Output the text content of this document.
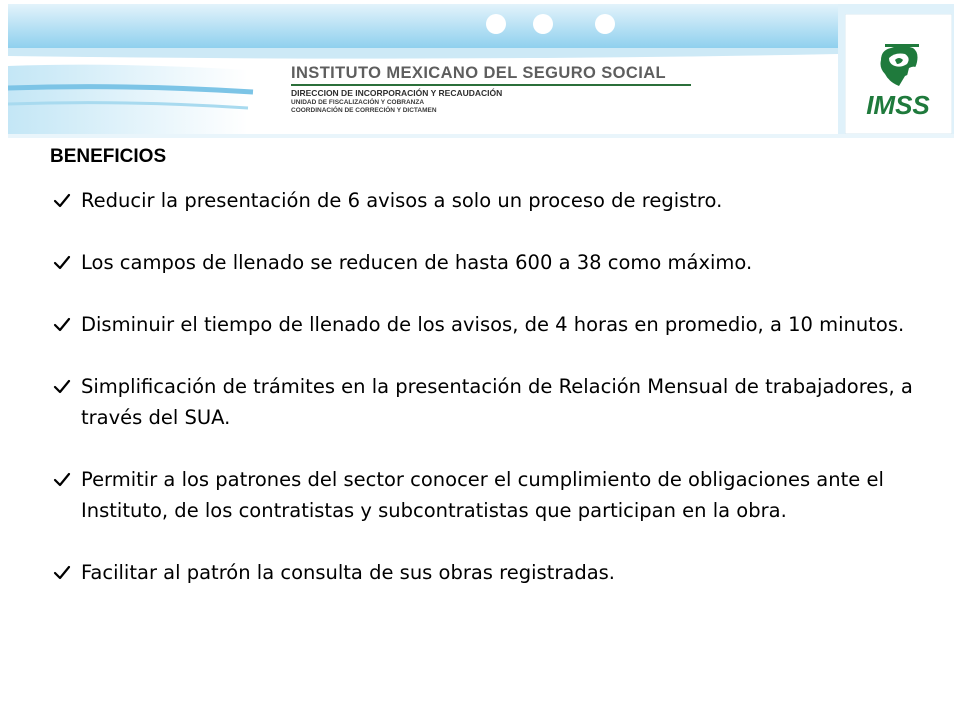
INSTITUTO MEXICANO DEL SEGURO SOCIAL
DIRECCION DE INCORPORACIÓN Y RECAUDACIÓN
UNIDAD DE FISCALIZACIÓN Y COBRANZA
COORDINACIÓN DE CORRECIÓN Y DICTAMEN	IMSS
BENEFICIOS
Reducir la presentación de 6 avisos a solo un proceso de registro.
Los campos de llenado se reducen de hasta 600 a 38 como máximo.
Disminuir el tiempo de llenado de los avisos, de 4 horas en promedio, a 10 minutos.
Simplificación de trámites en la presentación de Relación Mensual de trabajadores, a través del SUA.
Permitir a los patrones del sector conocer el cumplimiento de obligaciones ante el Instituto, de los contratistas y subcontratistas que participan en la obra.
Facilitar al patrón la consulta de sus obras registradas.
